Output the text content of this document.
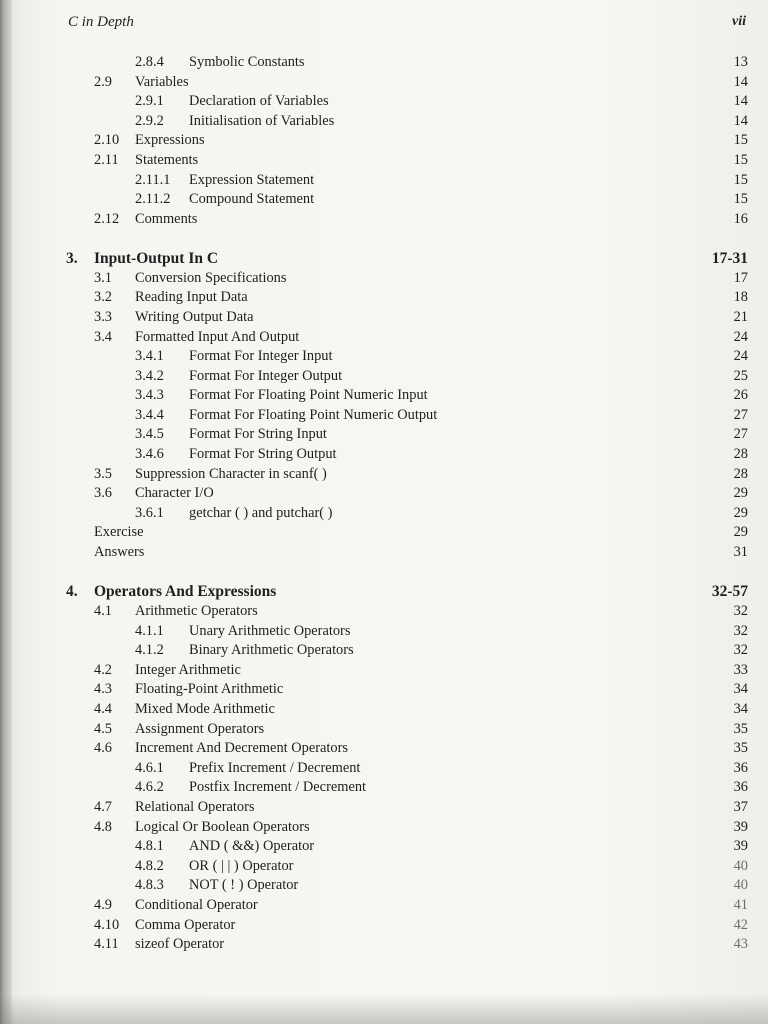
C in Depth	vii
2.8.4 Symbolic Constants	13
2.9 Variables	14
2.9.1 Declaration of Variables	14
2.9.2 Initialisation of Variables	14
2.10 Expressions	15
2.11 Statements	15
2.11.1 Expression Statement	15
2.11.2 Compound Statement	15
2.12 Comments	16
3. Input-Output In C	17-31
3.1 Conversion Specifications	17
3.2 Reading Input Data	18
3.3 Writing Output Data	21
3.4 Formatted Input And Output	24
3.4.1 Format For Integer Input	24
3.4.2 Format For Integer Output	25
3.4.3 Format For Floating Point Numeric Input	26
3.4.4 Format For Floating Point Numeric Output	27
3.4.5 Format For String Input	27
3.4.6 Format For String Output	28
3.5 Suppression Character in scanf( )	28
3.6 Character I/O	29
3.6.1 getchar ( ) and putchar( )	29
Exercise	29
Answers	31
4. Operators And Expressions	32-57
4.1 Arithmetic Operators	32
4.1.1 Unary Arithmetic Operators	32
4.1.2 Binary Arithmetic Operators	32
4.2 Integer Arithmetic	33
4.3 Floating-Point Arithmetic	34
4.4 Mixed Mode Arithmetic	34
4.5 Assignment Operators	35
4.6 Increment And Decrement Operators	35
4.6.1 Prefix Increment / Decrement	36
4.6.2 Postfix Increment / Decrement	36
4.7 Relational Operators	37
4.8 Logical Or Boolean Operators	39
4.8.1 AND ( &&) Operator	39
4.8.2 OR ( | | ) Operator	40
4.8.3 NOT ( ! ) Operator	40
4.9 Conditional Operator	41
4.10 Comma Operator	42
4.11 sizeof Operator	43
